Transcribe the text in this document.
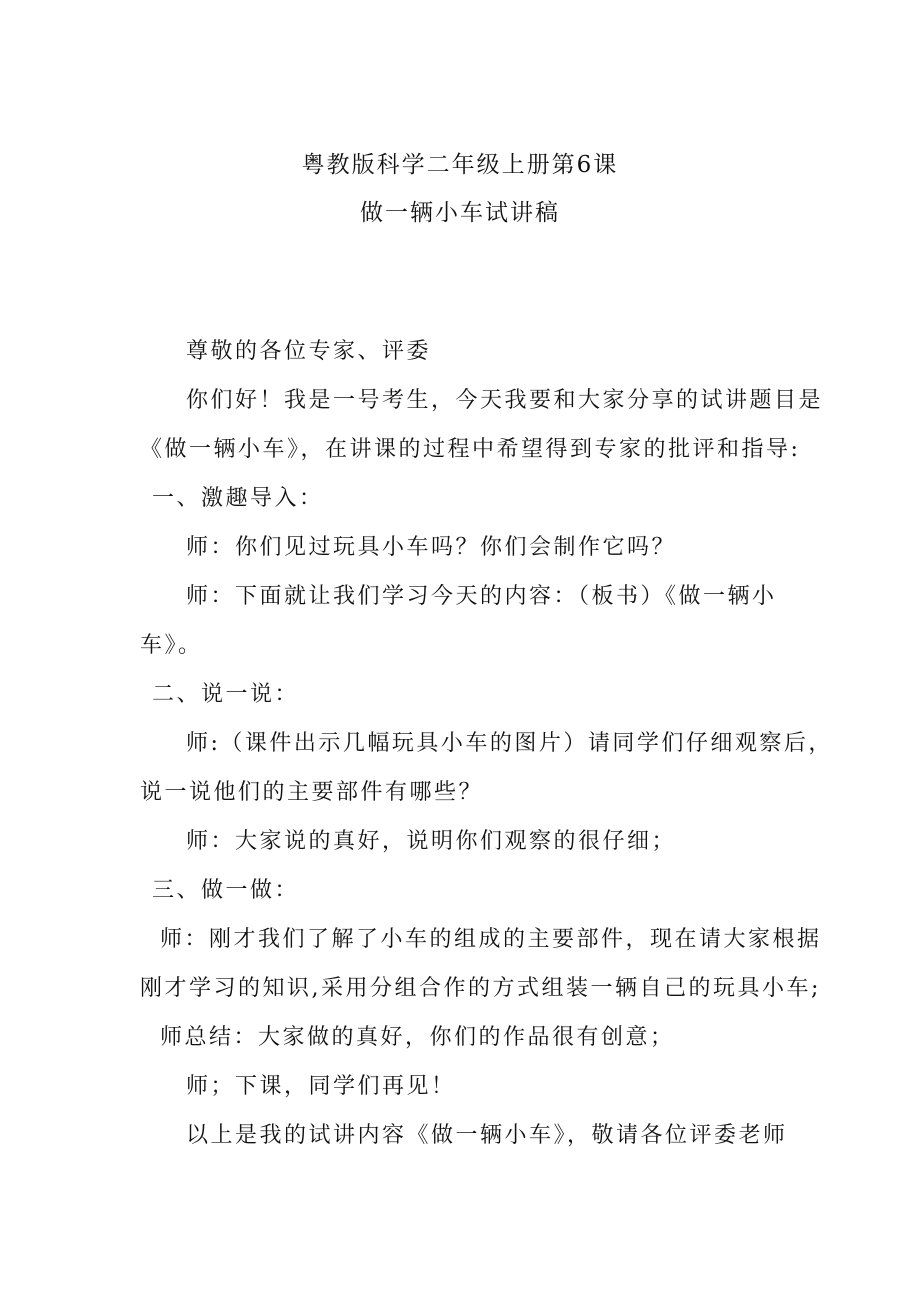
粤教版科学二年级上册第6课
做一辆小车试讲稿
尊敬的各位专家、评委
你们好！我是一号考生，今天我要和大家分享的试讲题目是
《做一辆小车》，在讲课的过程中希望得到专家的批评和指导:
一、激趣导入：
师：你们见过玩具小车吗？你们会制作它吗？
师：下面就让我们学习今天的内容：（板书）《做一辆小
车》。
二、说一说：
师:（课件出示几幅玩具小车的图片）请同学们仔细观察后，
说一说他们的主要部件有哪些？
师：大家说的真好，说明你们观察的很仔细；
三、做一做：
师：刚才我们了解了小车的组成的主要部件，现在请大家根据
刚才学习的知识,采用分组合作的方式组装一辆自己的玩具小车;
师总结：大家做的真好，你们的作品很有创意；
师；下课，同学们再见！
以上是我的试讲内容《做一辆小车》，敬请各位评委老师
